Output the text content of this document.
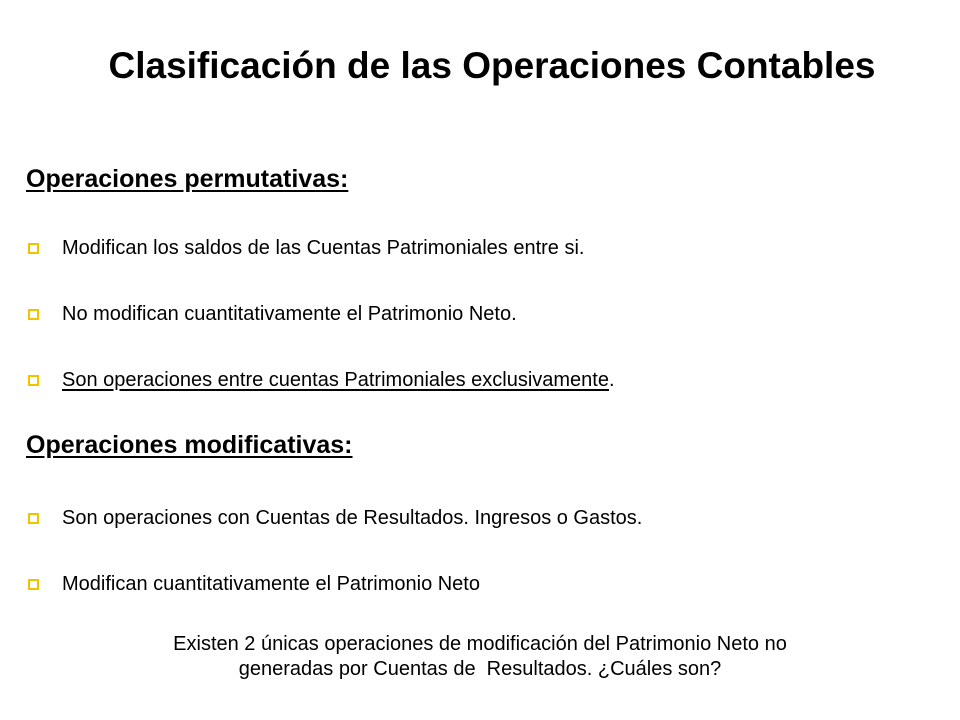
Clasificación de las Operaciones Contables
Operaciones permutativas:
Modifican los saldos de las Cuentas Patrimoniales entre si.
No modifican cuantitativamente el Patrimonio Neto.
Son operaciones entre cuentas Patrimoniales exclusivamente .
Operaciones modificativas:
Son operaciones con Cuentas de Resultados. Ingresos o Gastos.
Modifican cuantitativamente el Patrimonio Neto
Existen 2 únicas operaciones de modificación del Patrimonio Neto no
generadas por Cuentas de  Resultados. ¿Cuáles son?
